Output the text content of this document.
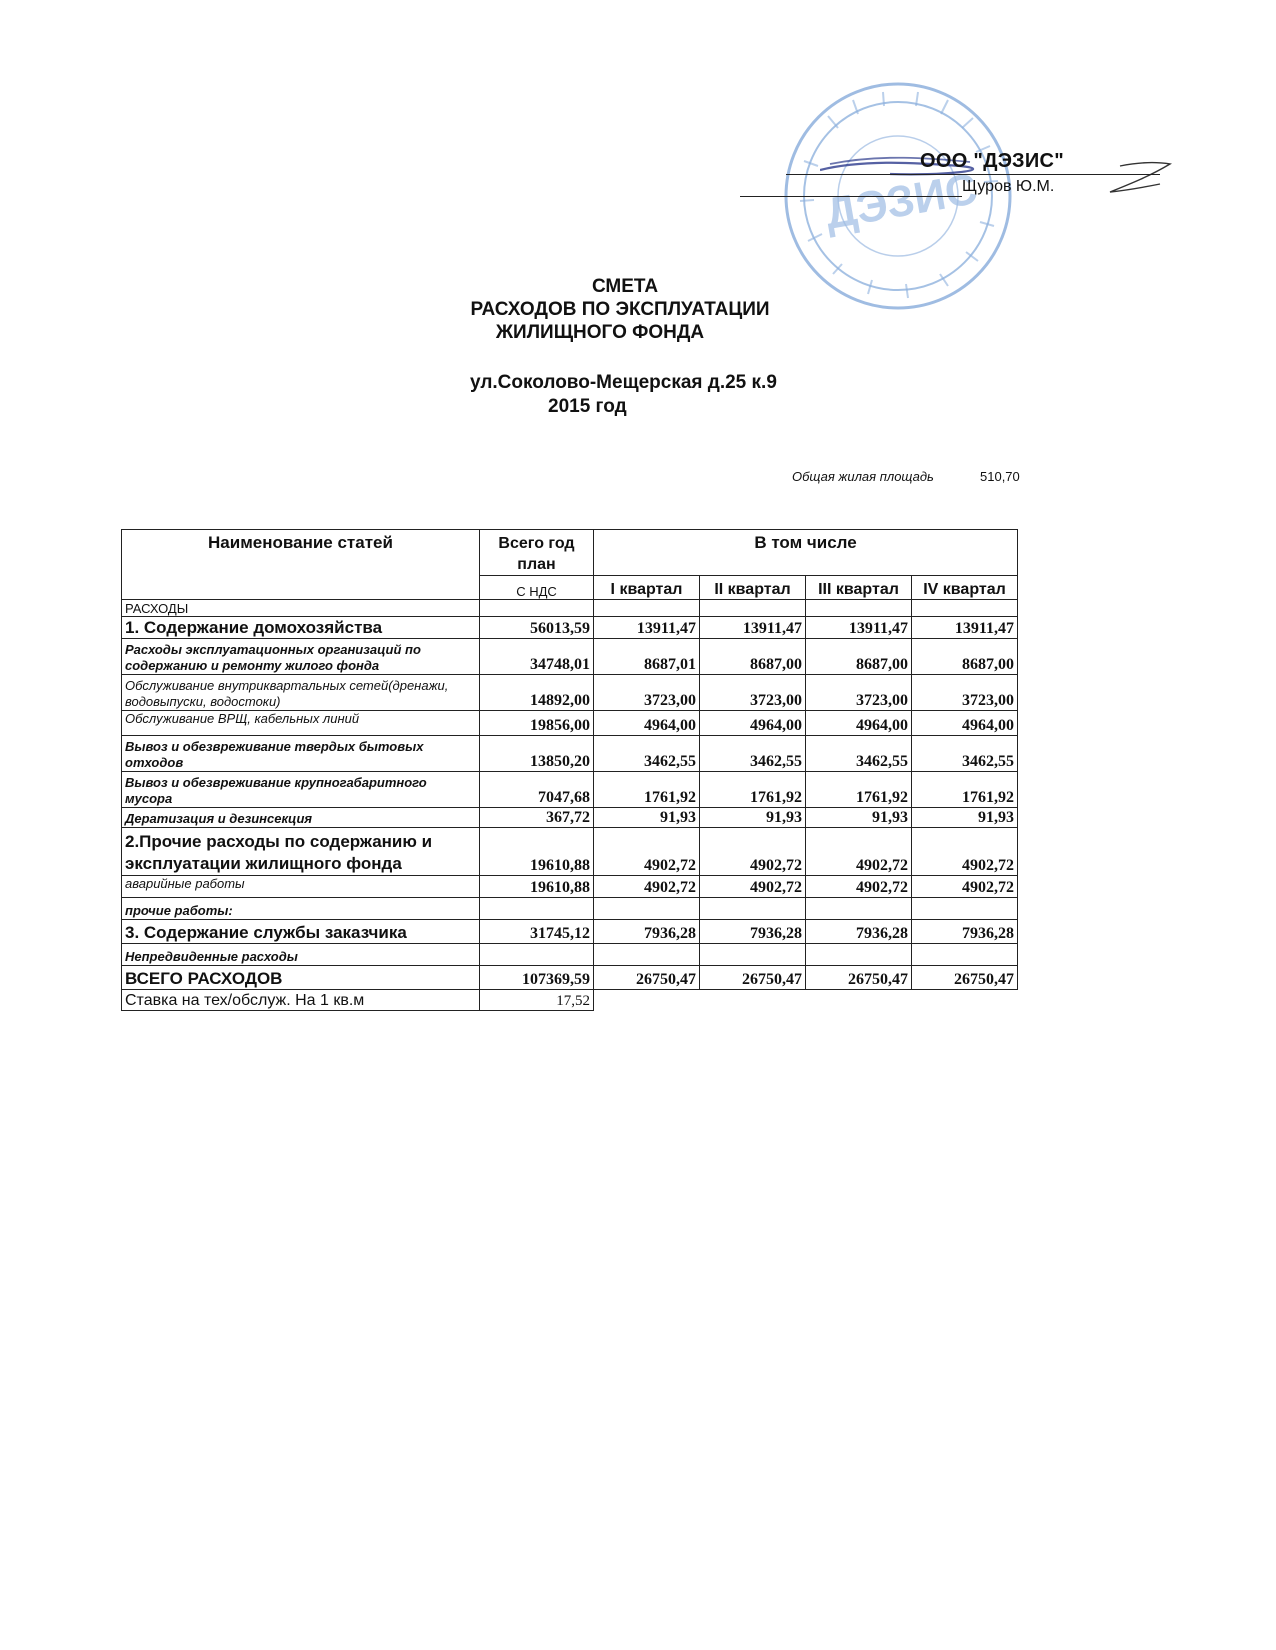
ДЭЗИС
ООО "ДЭЗИС"
Щуров Ю.М.
СМЕТА
РАСХОДОВ ПО ЭКСПЛУАТАЦИИ
ЖИЛИЩНОГО ФОНДА
ул.Соколово-Мещерская д.25 к.9
2015 год
Общая жилая площадь	510,70
Наименование статей	Всего год план	В том числе			
	С НДС	I квартал	II квартал	III квартал	IV квартал
РАСХОДЫ					
1. Содержание домохозяйства	56013,59	13911,47	13911,47	13911,47	13911,47
Расходы эксплуатационных организаций по содержанию и ремонту жилого фонда	34748,01	8687,01	8687,00	8687,00	8687,00
Обслуживание внутриквартальных сетей(дренажи, водовыпуски, водостоки)	14892,00	3723,00	3723,00	3723,00	3723,00
Обслуживание ВРЩ, кабельных линий	19856,00	4964,00	4964,00	4964,00	4964,00
Вывоз и обезвреживание твердых бытовых отходов	13850,20	3462,55	3462,55	3462,55	3462,55
Вывоз и обезвреживание крупногабаритного мусора	7047,68	1761,92	1761,92	1761,92	1761,92
Дератизация и дезинсекция	367,72	91,93	91,93	91,93	91,93
2.Прочие расходы по содержанию и эксплуатации жилищного фонда	19610,88	4902,72	4902,72	4902,72	4902,72
аварийные работы	19610,88	4902,72	4902,72	4902,72	4902,72
прочие работы:					
3. Содержание службы заказчика	31745,12	7936,28	7936,28	7936,28	7936,28
Непредвиденные расходы					
ВСЕГО РАСХОДОВ	107369,59	26750,47	26750,47	26750,47	26750,47
Ставка на тех/обслуж. На 1 кв.м	17,52				
